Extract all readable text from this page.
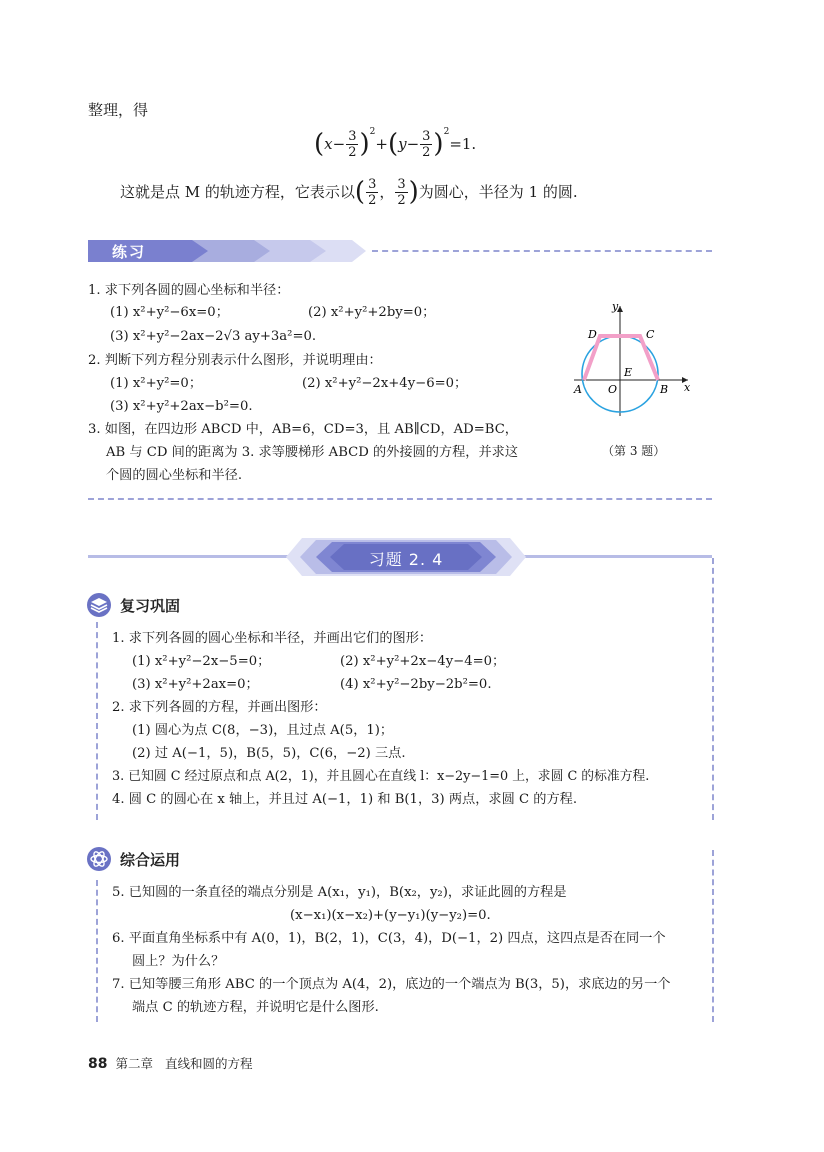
整理，得
( $x- \frac{3}{2} )^2$
+ ( $y- \frac{3}{2} )^2$
=1.
这就是点 M 的轨迹方程，它表示以 ( $\frac{3}{2}$ ， $\frac{3}{2}$ ) 为圆心，半径为 1 的圆.
练习
1. 求下列各圆的圆心坐标和半径：
(1) x²+y²−6x=0；	(2) x²+y²+2by=0；
(3) x²+y²−2ax−2√3 ay+3a²=0.
2. 判断下列方程分别表示什么图形，并说明理由：
(1) x²+y²=0；	(2) x²+y²−2x+4y−6=0；
(3) x²+y²+2ax−b²=0.
3. 如图，在四边形 ABCD 中，AB=6，CD=3，且 AB∥CD，AD=BC，
AB 与 CD 间的距离为 3. 求等腰梯形 ABCD 的外接圆的方程，并求这
个圆的圆心坐标和半径.
y
x
A	B
C
D
E
O
（第 3 题）
习题 2. 4
复习巩固
1. 求下列各圆的圆心坐标和半径，并画出它们的图形：
(1) x²+y²−2x−5=0；	(2) x²+y²+2x−4y−4=0；
(3) x²+y²+2ax=0；	(4) x²+y²−2by−2b²=0.
2. 求下列各圆的方程，并画出图形：
(1) 圆心为点 C(8，−3)，且过点 A(5，1)；
(2) 过 A(−1，5)，B(5，5)，C(6，−2) 三点.
3. 已知圆 C 经过原点和点 A(2，1)，并且圆心在直线 l：x−2y−1=0 上，求圆 C 的标准方程.
4. 圆 C 的圆心在 x 轴上，并且过 A(−1，1) 和 B(1，3) 两点，求圆 C 的方程.
综合运用
5. 已知圆的一条直径的端点分别是 A(x₁，y₁)，B(x₂，y₂)，求证此圆的方程是
(x−x₁)(x−x₂)+(y−y₁)(y−y₂)=0.
6. 平面直角坐标系中有 A(0，1)，B(2，1)，C(3，4)，D(−1，2) 四点，这四点是否在同一个
圆上？为什么？
7. 已知等腰三角形 ABC 的一个顶点为 A(4，2)，底边的一个端点为 B(3，5)，求底边的另一个
端点 C 的轨迹方程，并说明它是什么图形.
88 第二章 直线和圆的方程
